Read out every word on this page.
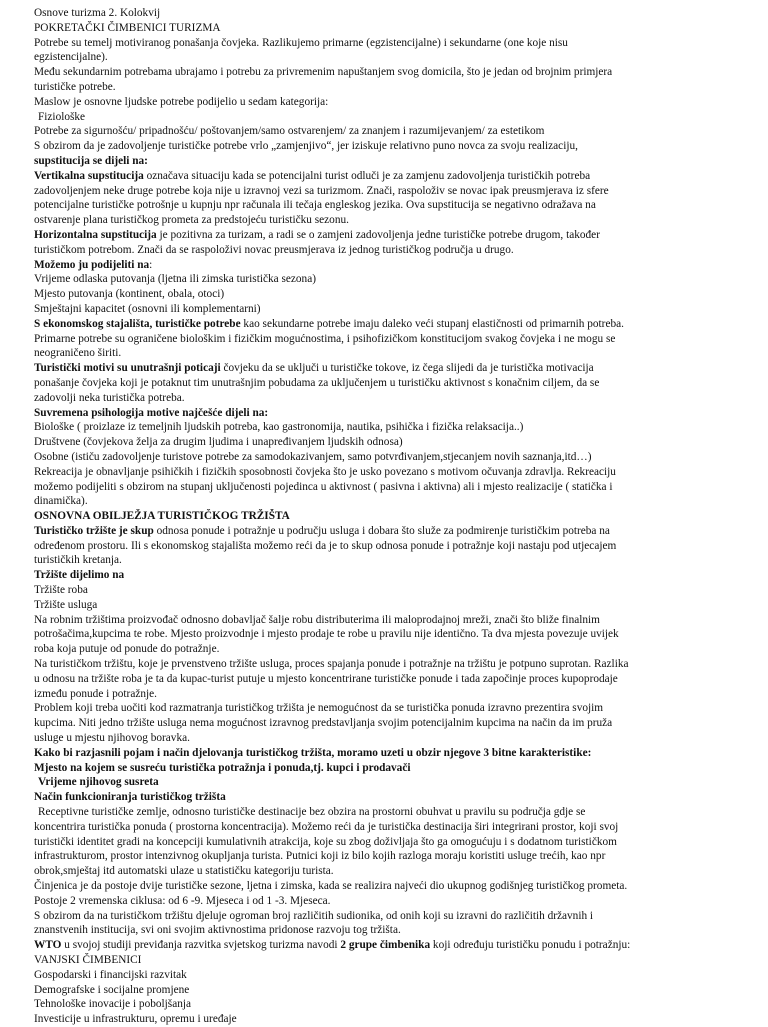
Osnove turizma 2. Kolokvij
POKRETAČKI ČIMBENICI TURIZMA
Potrebe su temelj motiviranog ponašanja čovjeka. Razlikujemo primarne (egzistencijalne) i sekundarne (one koje nisu
egzistencijalne).
Među sekundarnim potrebama ubrajamo i potrebu za privremenim napuštanjem svog domicila, što je jedan od brojnim primjera
turističke potrebe.
Maslow je osnovne ljudske potrebe podijelio u sedam kategorija:
Fiziološke
Potrebe za sigurnošću/ pripadnošću/ poštovanjem/samo ostvarenjem/ za znanjem i razumijevanjem/ za estetikom
S obzirom da je zadovoljenje turističke potrebe vrlo „zamjenjivo“, jer iziskuje relativno puno novca za svoju realizaciju,
supstitucija se dijeli na:
Vertikalna supstitucija označava situaciju kada se potencijalni turist odluči je za zamjenu zadovoljenja turističkih potreba
zadovoljenjem neke druge potrebe koja nije u izravnoj vezi sa turizmom. Znači, raspoloživ se novac ipak preusmjerava iz sfere
potencijalne turističke potrošnje u kupnju npr računala ili tečaja engleskog jezika. Ova supstitucija se negativno odražava na
ostvarenje plana turističkog prometa za predstojeću turističku sezonu.
Horizontalna supstitucija je pozitivna za turizam, a radi se o zamjeni zadovoljenja jedne turističke potrebe drugom, također
turističkom potrebom. Znači da se raspoloživi novac preusmjerava iz jednog turističkog područja u drugo.
Možemo ju podijeliti na:
Vrijeme odlaska putovanja (ljetna ili zimska turistička sezona)
Mjesto putovanja (kontinent, obala, otoci)
Smještajni kapacitet (osnovni ili komplementarni)
S ekonomskog stajališta, turističke potrebe kao sekundarne potrebe imaju daleko veći stupanj elastičnosti od primarnih potreba.
Primarne potrebe su ograničene biološkim i fizičkim mogućnostima, i psihofizičkom konstitucijom svakog čovjeka i ne mogu se
neograničeno širiti.
Turistički motivi su unutrašnji poticaji čovjeku da se uključi u turističke tokove, iz čega slijedi da je turistička motivacija
ponašanje čovjeka koji je potaknut tim unutrašnjim pobudama za uključenjem u turističku aktivnost s konačnim ciljem, da se
zadovolji neka turistička potreba.
Suvremena psihologija motive najčešće dijeli na:
Biološke ( proizlaze iz temeljnih ljudskih potreba, kao gastronomija, nautika, psihička i fizička relaksacija..)
Društvene (čovjekova želja za drugim ljudima i unapređivanjem ljudskih odnosa)
Osobne (ističu zadovoljenje turistove potrebe za samodokazivanjem, samo potvrđivanjem,stjecanjem novih saznanja,itd…)
Rekreacija je obnavljanje psihičkih i fizičkih sposobnosti čovjeka što je usko povezano s motivom očuvanja zdravlja. Rekreaciju
možemo podijeliti s obzirom na stupanj uključenosti pojedinca u aktivnost ( pasivna i aktivna) ali i mjesto realizacije ( statička i
dinamička).
OSNOVNA OBILJEŽJA TURISTIČKOG TRŽIŠTA
Turističko tržište je skup odnosa ponude i potražnje u području usluga i dobara što služe za podmirenje turističkim potreba na
određenom prostoru. Ili s ekonomskog stajališta možemo reći da je to skup odnosa ponude i potražnje koji nastaju pod utjecajem
turističkih kretanja.
Tržište dijelimo na
Tržište roba
Tržište usluga
Na robnim tržištima proizvođač odnosno dobavljač šalje robu distributerima ili maloprodajnoj mreži, znači što bliže finalnim
potrošačima,kupcima te robe. Mjesto proizvodnje i mjesto prodaje te robe u pravilu nije identično. Ta dva mjesta povezuje uvijek
roba koja putuje od ponude do potražnje.
Na turističkom tržištu, koje je prvenstveno tržište usluga, proces spajanja ponude i potražnje na tržištu je potpuno suprotan. Razlika
u odnosu na tržište roba je ta da kupac-turist putuje u mjesto koncentrirane turističke ponude i tada započinje proces kupoprodaje
između ponude i potražnje.
Problem koji treba uočiti kod razmatranja turističkog tržišta je nemogućnost da se turistička ponuda izravno prezentira svojim
kupcima. Niti jedno tržište usluga nema mogućnost izravnog predstavljanja svojim potencijalnim kupcima na način da im pruža
usluge u mjestu njihovog boravka.
Kako bi razjasnili pojam i način djelovanja turističkog tržišta, moramo uzeti u obzir njegove 3 bitne karakteristike:
Mjesto na kojem se susreću turistička potražnja i ponuda,tj. kupci i prodavači
Vrijeme njihovog susreta
Način funkcioniranja turističkog tržišta
Receptivne turističke zemlje, odnosno turističke destinacije bez obzira na prostorni obuhvat u pravilu su područja gdje se
koncentrira turistička ponuda ( prostorna koncentracija). Možemo reći da je turistička destinacija širi integrirani prostor, koji svoj
turistički identitet gradi na koncepciji kumulativnih atrakcija, koje su zbog doživljaja što ga omogućuju i s dodatnom turističkom
infrastrukturom, prostor intenzivnog okupljanja turista. Putnici koji iz bilo kojih razloga moraju koristiti usluge trećih, kao npr
obrok,smještaj itd automatski ulaze u statističku kategoriju turista.
Činjenica je da postoje dvije turističke sezone, ljetna i zimska, kada se realizira najveći dio ukupnog godišnjeg turističkog prometa.
Postoje 2 vremenska ciklusa: od 6 -9. Mjeseca i od 1 -3. Mjeseca.
S obzirom da na turističkom tržištu djeluje ogroman broj različitih sudionika, od onih koji su izravni do različitih državnih i
znanstvenih institucija, svi oni svojim aktivnostima pridonose razvoju tog tržišta.
WTO u svojoj studiji previđanja razvitka svjetskog turizma navodi 2 grupe čimbenika koji određuju turističku ponudu i potražnju:
VANJSKI ČIMBENICI
Gospodarski i financijski razvitak
Demografske i socijalne promjene
Tehnološke inovacije i poboljšanja
Investicije u infrastrukturu, opremu i uređaje
